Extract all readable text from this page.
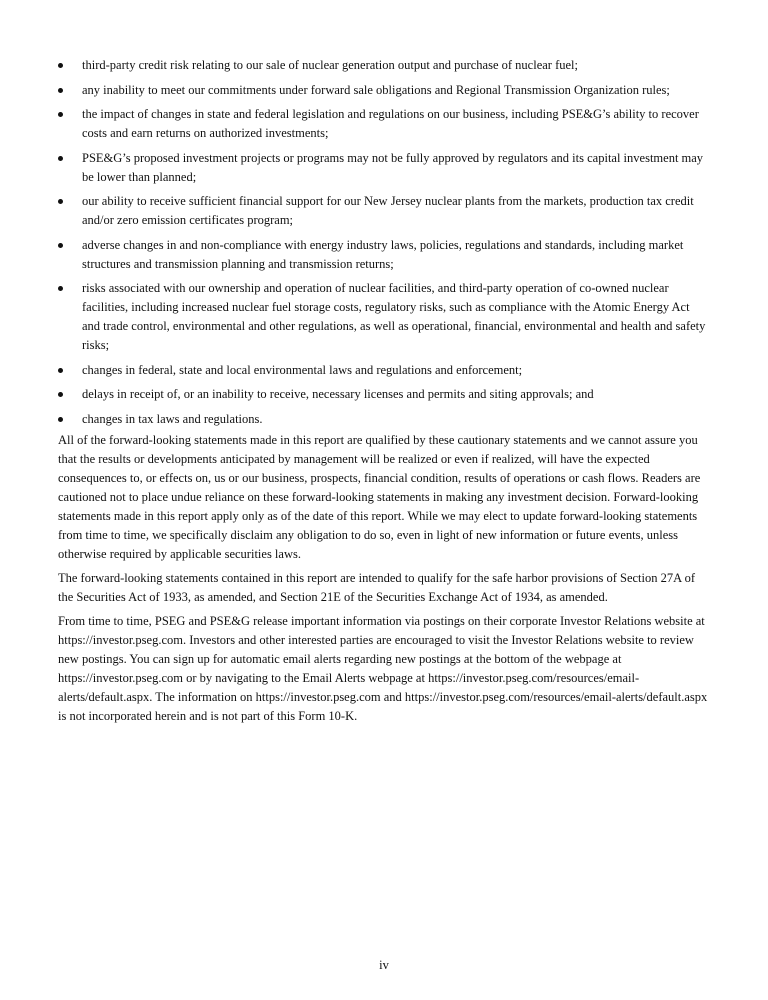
third-party credit risk relating to our sale of nuclear generation output and purchase of nuclear fuel;
any inability to meet our commitments under forward sale obligations and Regional Transmission Organization rules;
the impact of changes in state and federal legislation and regulations on our business, including PSE&G’s ability to recover costs and earn returns on authorized investments;
PSE&G’s proposed investment projects or programs may not be fully approved by regulators and its capital investment may be lower than planned;
our ability to receive sufficient financial support for our New Jersey nuclear plants from the markets, production tax credit and/or zero emission certificates program;
adverse changes in and non-compliance with energy industry laws, policies, regulations and standards, including market structures and transmission planning and transmission returns;
risks associated with our ownership and operation of nuclear facilities, and third-party operation of co-owned nuclear facilities, including increased nuclear fuel storage costs, regulatory risks, such as compliance with the Atomic Energy Act and trade control, environmental and other regulations, as well as operational, financial, environmental and health and safety risks;
changes in federal, state and local environmental laws and regulations and enforcement;
delays in receipt of, or an inability to receive, necessary licenses and permits and siting approvals; and
changes in tax laws and regulations.

All of the forward-looking statements made in this report are qualified by these cautionary statements and we cannot assure you that the results or developments anticipated by management will be realized or even if realized, will have the expected consequences to, or effects on, us or our business, prospects, financial condition, results of operations or cash flows. Readers are cautioned not to place undue reliance on these forward-looking statements in making any investment decision. Forward-looking statements made in this report apply only as of the date of this report. While we may elect to update forward-looking statements from time to time, we specifically disclaim any obligation to do so, even in light of new information or future events, unless otherwise required by applicable securities laws.

The forward-looking statements contained in this report are intended to qualify for the safe harbor provisions of Section 27A of the Securities Act of 1933, as amended, and Section 21E of the Securities Exchange Act of 1934, as amended.

From time to time, PSEG and PSE&G release important information via postings on their corporate Investor Relations website at https://investor.pseg.com. Investors and other interested parties are encouraged to visit the Investor Relations website to review new postings. You can sign up for automatic email alerts regarding new postings at the bottom of the webpage at https://investor.pseg.com or by navigating to the Email Alerts webpage at https://investor.pseg.com/resources/email-alerts/default.aspx. The information on https://investor.pseg.com and https://investor.pseg.com/resources/email-alerts/default.aspx is not incorporated herein and is not part of this Form 10-K.

iv
